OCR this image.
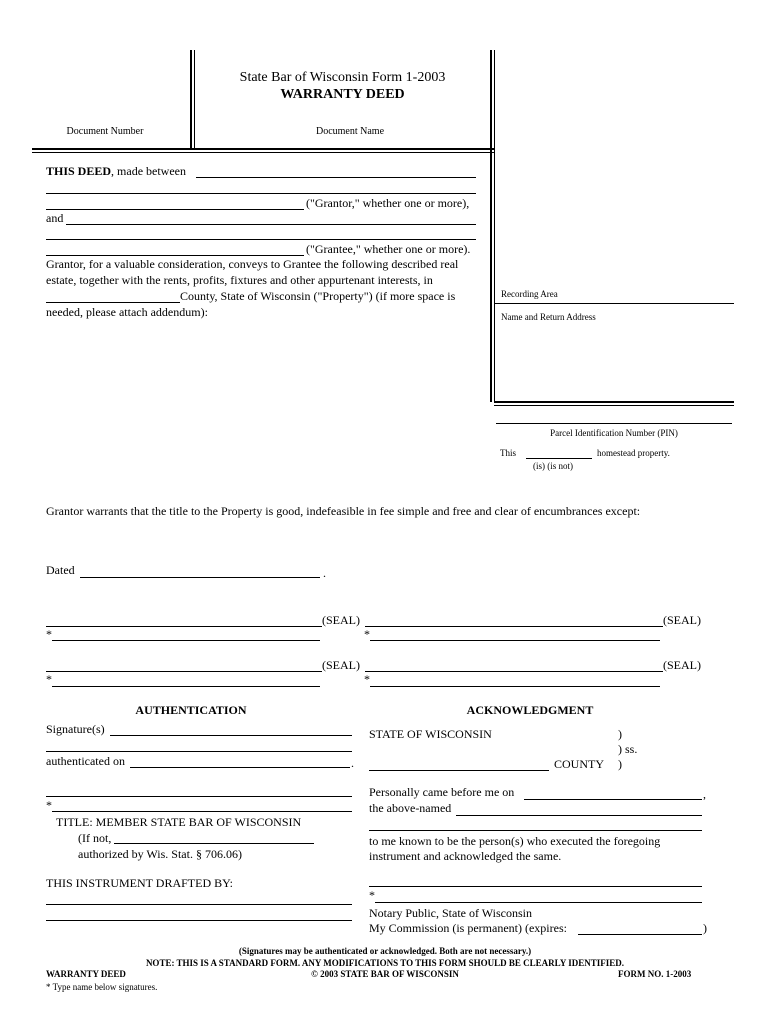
State Bar of Wisconsin Form 1-2003
WARRANTY DEED
Document Number	Document Name
THIS DEED, made between
("Grantor," whether one or more),
and
("Grantee," whether one or more).
Grantor, for a valuable consideration, conveys to Grantee the following described real
estate, together with the rents, profits, fixtures and other appurtenant interests, in
County, State of Wisconsin ("Property") (if more space is
needed, please attach addendum):
Recording Area
Name and Return Address
Parcel Identification Number (PIN)
This	homestead property.
(is) (is not)
Grantor warrants that the title to the Property is good, indefeasible in fee simple and free and clear of encumbrances except:
Dated	.
(SEAL)	(SEAL)
*	*
(SEAL)	(SEAL)
*	*
AUTHENTICATION
Signature(s)
authenticated on	.
*
TITLE: MEMBER STATE BAR OF WISCONSIN
(If not,
authorized by Wis. Stat. § 706.06)
THIS INSTRUMENT DRAFTED BY:
ACKNOWLEDGMENT
STATE OF WISCONSIN	)
) ss.
COUNTY )
Personally came before me on	,
the above-named
to me known to be the person(s) who executed the foregoing
instrument and acknowledged the same.
*
Notary Public, State of Wisconsin
My Commission (is permanent) (expires:	)
(Signatures may be authenticated or acknowledged. Both are not necessary.)
NOTE: THIS IS A STANDARD FORM. ANY MODIFICATIONS TO THIS FORM SHOULD BE CLEARLY IDENTIFIED.
WARRANTY DEED	© 2003 STATE BAR OF WISCONSIN	FORM NO. 1-2003
* Type name below signatures.
